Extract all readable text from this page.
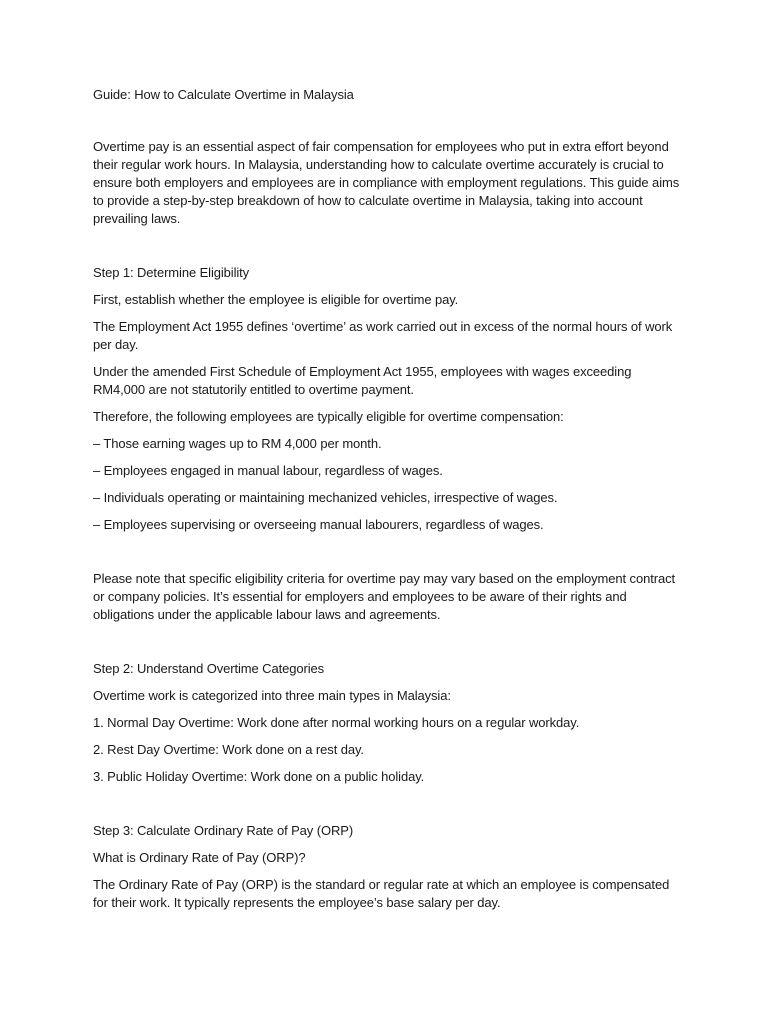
Guide: How to Calculate Overtime in Malaysia

Overtime pay is an essential aspect of fair compensation for employees who put in extra effort beyond their regular work hours. In Malaysia, understanding how to calculate overtime accurately is crucial to ensure both employers and employees are in compliance with employment regulations. This guide aims to provide a step-by-step breakdown of how to calculate overtime in Malaysia, taking into account prevailing laws.

Step 1: Determine Eligibility

First, establish whether the employee is eligible for overtime pay.

The Employment Act 1955 defines ‘overtime’ as work carried out in excess of the normal hours of work per day.

Under the amended First Schedule of Employment Act 1955, employees with wages exceeding RM4,000 are not statutorily entitled to overtime payment.

Therefore, the following employees are typically eligible for overtime compensation:

– Those earning wages up to RM 4,000 per month.

– Employees engaged in manual labour, regardless of wages.

– Individuals operating or maintaining mechanized vehicles, irrespective of wages.

– Employees supervising or overseeing manual labourers, regardless of wages.

Please note that specific eligibility criteria for overtime pay may vary based on the employment contract or company policies. It’s essential for employers and employees to be aware of their rights and obligations under the applicable labour laws and agreements.

Step 2: Understand Overtime Categories

Overtime work is categorized into three main types in Malaysia:

1. Normal Day Overtime: Work done after normal working hours on a regular workday.

2. Rest Day Overtime: Work done on a rest day.

3. Public Holiday Overtime: Work done on a public holiday.

Step 3: Calculate Ordinary Rate of Pay (ORP)

What is Ordinary Rate of Pay (ORP)?

The Ordinary Rate of Pay (ORP) is the standard or regular rate at which an employee is compensated for their work. It typically represents the employee’s base salary per day.
